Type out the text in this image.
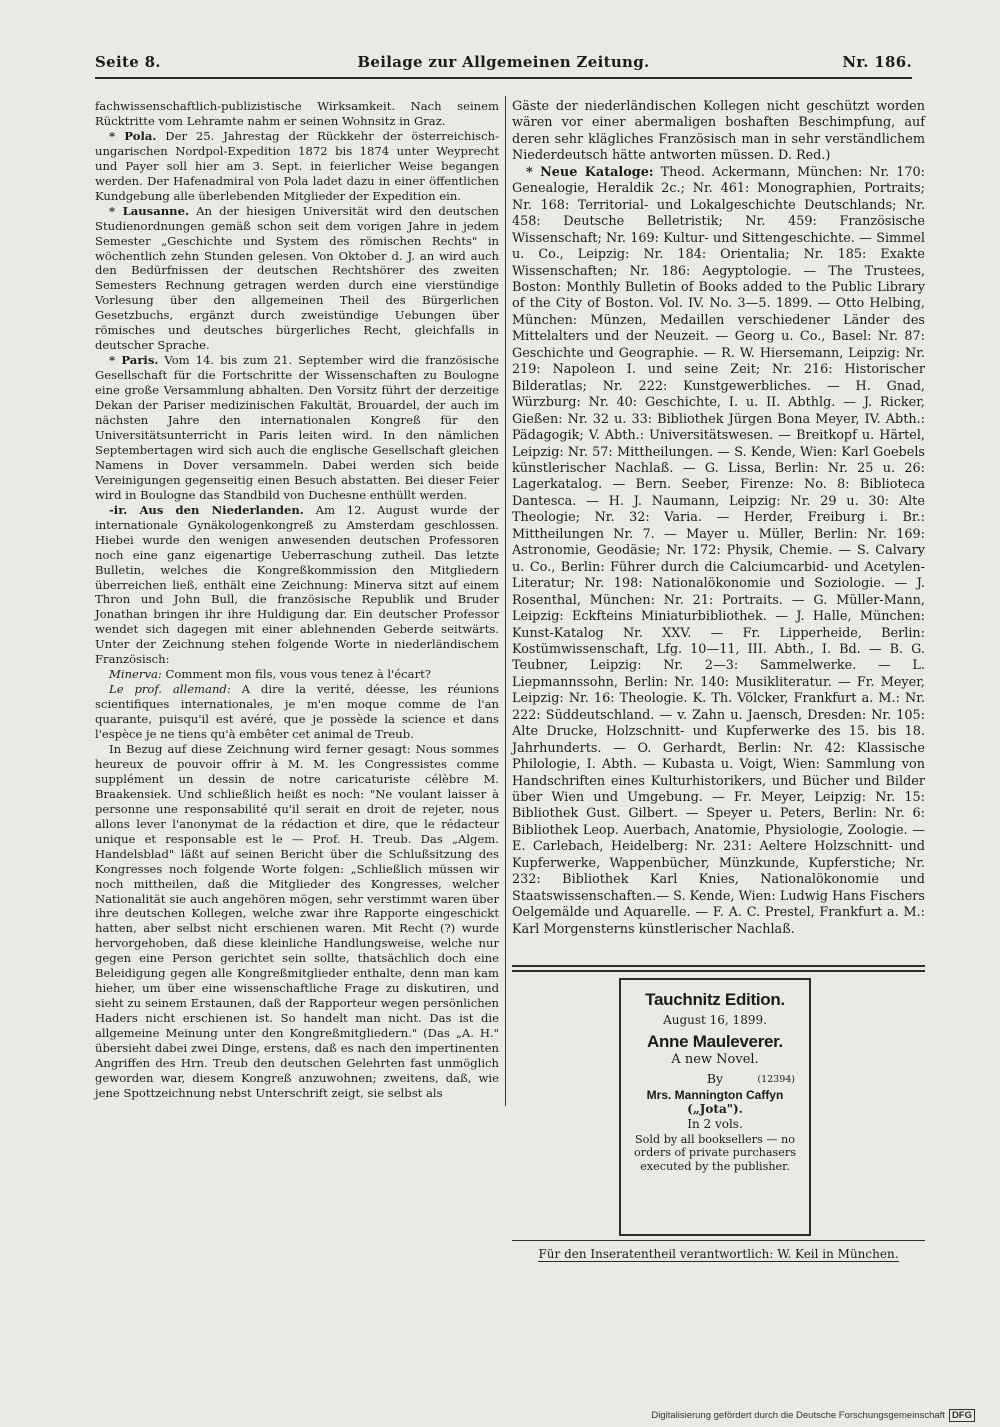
Seite 8.	Beilage zur Allgemeinen Zeitung.	Nr. 186.

fachwissenschaftlich-publizistische Wirksamkeit. Nach seinem Rücktritte vom Lehramte nahm er seinen Wohnsitz in Graz.

* Pola. Der 25. Jahrestag der Rückkehr der österreichisch-ungarischen Nordpol-Expedition 1872 bis 1874 unter Weyprecht und Payer soll hier am 3. Sept. in feierlicher Weise begangen werden. Der Hafenadmiral von Pola ladet dazu in einer öffentlichen Kundgebung alle überlebenden Mitglieder der Expedition ein.

* Lausanne. An der hiesigen Universität wird den deutschen Studienordnungen gemäß schon seit dem vorigen Jahre in jedem Semester „Geschichte und System des römischen Rechts" in wöchentlich zehn Stunden gelesen. Von Oktober d. J. an wird auch den Bedürfnissen der deutschen Rechtshörer des zweiten Semesters Rechnung getragen werden durch eine vierstündige Vorlesung über den allgemeinen Theil des Bürgerlichen Gesetzbuchs, ergänzt durch zweistündige Uebungen über römisches und deutsches bürgerliches Recht, gleichfalls in deutscher Sprache.

* Paris. Vom 14. bis zum 21. September wird die französische Gesellschaft für die Fortschritte der Wissenschaften zu Boulogne eine große Versammlung abhalten. Den Vorsitz führt der derzeitige Dekan der Pariser medizinischen Fakultät, Brouardel, der auch im nächsten Jahre den internationalen Kongreß für den Universitätsunterricht in Paris leiten wird. In den nämlichen Septembertagen wird sich auch die englische Gesellschaft gleichen Namens in Dover versammeln. Dabei werden sich beide Vereinigungen gegenseitig einen Besuch abstatten. Bei dieser Feier wird in Boulogne das Standbild von Duchesne enthüllt werden.

-ir. Aus den Niederlanden. Am 12. August wurde der internationale Gynäkologenkongreß zu Amsterdam geschlossen. Hiebei wurde den wenigen anwesenden deutschen Professoren noch eine ganz eigenartige Ueberraschung zutheil. Das letzte Bulletin, welches die Kongreßkommission den Mitgliedern überreichen ließ, enthält eine Zeichnung: Minerva sitzt auf einem Thron und John Bull, die französische Republik und Bruder Jonathan bringen ihr ihre Huldigung dar. Ein deutscher Professor wendet sich dagegen mit einer ablehnenden Geberde seitwärts. Unter der Zeichnung stehen folgende Worte in niederländischem Französisch:

Minerva: Comment mon fils, vous vous tenez à l'écart?

Le prof. allemand: A dire la verité, déesse, les réunions scientifiques internationales, je m'en moque comme de l'an quarante, puisqu'il est avéré, que je possède la science et dans l'espèce je ne tiens qu'à embêter cet animal de Treub.

In Bezug auf diese Zeichnung wird ferner gesagt: Nous sommes heureux de pouvoir offrir à M. M. les Congressistes comme supplément un dessin de notre caricaturiste célèbre M. Braakensiek. Und schließlich heißt es noch: "Ne voulant laisser à personne une responsabilité qu'il serait en droit de rejeter, nous allons lever l'anonymat de la rédaction et dire, que le rédacteur unique et responsable est le — Prof. H. Treub. Das „Algem. Handelsblad" läßt auf seinen Bericht über die Schlußsitzung des Kongresses noch folgende Worte folgen: „Schließlich müssen wir noch mittheilen, daß die Mitglieder des Kongresses, welcher Nationalität sie auch angehören mögen, sehr verstimmt waren über ihre deutschen Kollegen, welche zwar ihre Rapporte eingeschickt hatten, aber selbst nicht erschienen waren. Mit Recht (?) wurde hervorgehoben, daß diese kleinliche Handlungsweise, welche nur gegen eine Person gerichtet sein sollte, thatsächlich doch eine Beleidigung gegen alle Kongreßmitglieder enthalte, denn man kam hieher, um über eine wissenschaftliche Frage zu diskutiren, und sieht zu seinem Erstaunen, daß der Rapporteur wegen persönlichen Haders nicht erschienen ist. So handelt man nicht. Das ist die allgemeine Meinung unter den Kongreßmitgliedern." (Das „A. H." übersieht dabei zwei Dinge, erstens, daß es nach den impertinenten Angriffen des Hrn. Treub den deutschen Gelehrten fast unmöglich geworden war, diesem Kongreß anzuwohnen; zweitens, daß, wie jene Spottzeichnung nebst Unterschrift zeigt, sie selbst als

Gäste der niederländischen Kollegen nicht geschützt worden wären vor einer abermaligen boshaften Beschimpfung, auf deren sehr klägliches Französisch man in sehr verständlichem Niederdeutsch hätte antworten müssen. D. Red.)

* Neue Kataloge: Theod. Ackermann, München: Nr. 170: Genealogie, Heraldik 2c.; Nr. 461: Monographien, Portraits; Nr. 168: Territorial- und Lokalgeschichte Deutschlands; Nr. 458: Deutsche Belletristik; Nr. 459: Französische Wissenschaft; Nr. 169: Kultur- und Sittengeschichte. — Simmel u. Co., Leipzig: Nr. 184: Orientalia; Nr. 185: Exakte Wissenschaften; Nr. 186: Aegyptologie. — The Trustees, Boston: Monthly Bulletin of Books added to the Public Library of the City of Boston. Vol. IV. No. 3—5. 1899. — Otto Helbing, München: Münzen, Medaillen verschiedener Länder des Mittelalters und der Neuzeit. — Georg u. Co., Basel: Nr. 87: Geschichte und Geographie. — R. W. Hiersemann, Leipzig: Nr. 219: Napoleon I. und seine Zeit; Nr. 216: Historischer Bilderatlas; Nr. 222: Kunstgewerbliches. — H. Gnad, Würzburg: Nr. 40: Geschichte, I. u. II. Abthlg. — J. Ricker, Gießen: Nr. 32 u. 33: Bibliothek Jürgen Bona Meyer, IV. Abth.: Pädagogik; V. Abth.: Universitätswesen. — Breitkopf u. Härtel, Leipzig: Nr. 57: Mittheilungen. — S. Kende, Wien: Karl Goebels künstlerischer Nachlaß. — G. Lissa, Berlin: Nr. 25 u. 26: Lagerkatalog. — Bern. Seeber, Firenze: No. 8: Biblioteca Dantesca. — H. J. Naumann, Leipzig: Nr. 29 u. 30: Alte Theologie; Nr. 32: Varia. — Herder, Freiburg i. Br.: Mittheilungen Nr. 7. — Mayer u. Müller, Berlin: Nr. 169: Astronomie, Geodäsie; Nr. 172: Physik, Chemie. — S. Calvary u. Co., Berlin: Führer durch die Calciumcarbid- und Acetylen-Literatur; Nr. 198: Nationalökonomie und Soziologie. — J. Rosenthal, München: Nr. 21: Portraits. — G. Müller-Mann, Leipzig: Eckfteins Miniaturbibliothek. — J. Halle, München: Kunst-Katalog Nr. XXV. — Fr. Lipperheide, Berlin: Kostümwissenschaft, Lfg. 10—11, III. Abth., I. Bd. — B. G. Teubner, Leipzig: Nr. 2—3: Sammelwerke. — L. Liepmannssohn, Berlin: Nr. 140: Musikliteratur. — Fr. Meyer, Leipzig: Nr. 16: Theologie. K. Th. Völcker, Frankfurt a. M.: Nr. 222: Süddeutschland. — v. Zahn u. Jaensch, Dresden: Nr. 105: Alte Drucke, Holzschnitt- und Kupferwerke des 15. bis 18. Jahrhunderts. — O. Gerhardt, Berlin: Nr. 42: Klassische Philologie, I. Abth. — Kubasta u. Voigt, Wien: Sammlung von Handschriften eines Kulturhistorikers, und Bücher und Bilder über Wien und Umgebung. — Fr. Meyer, Leipzig: Nr. 15: Bibliothek Gust. Gilbert. — Speyer u. Peters, Berlin: Nr. 6: Bibliothek Leop. Auerbach, Anatomie, Physiologie, Zoologie. — E. Carlebach, Heidelberg: Nr. 231: Aeltere Holzschnitt- und Kupferwerke, Wappenbücher, Münzkunde, Kupferstiche; Nr. 232: Bibliothek Karl Knies, Nationalökonomie und Staatswissenschaften.— S. Kende, Wien: Ludwig Hans Fischers Oelgemälde und Aquarelle. — F. A. C. Prestel, Frankfurt a. M.: Karl Morgensterns künstlerischer Nachlaß.

Tauchnitz Edition.
August 16, 1899.
Anne Mauleverer.
A new Novel.
By	(12394)
Mrs. Mannington Caffyn
(„Jota").
In 2 vols.
Sold by all booksellers — no orders of private purchasers executed by the publisher.
Für den Inseratentheil verantwortlich: W. Keil in München.
Digitalisierung gefördert durch die Deutsche Forschungsgemeinschaft DFG
